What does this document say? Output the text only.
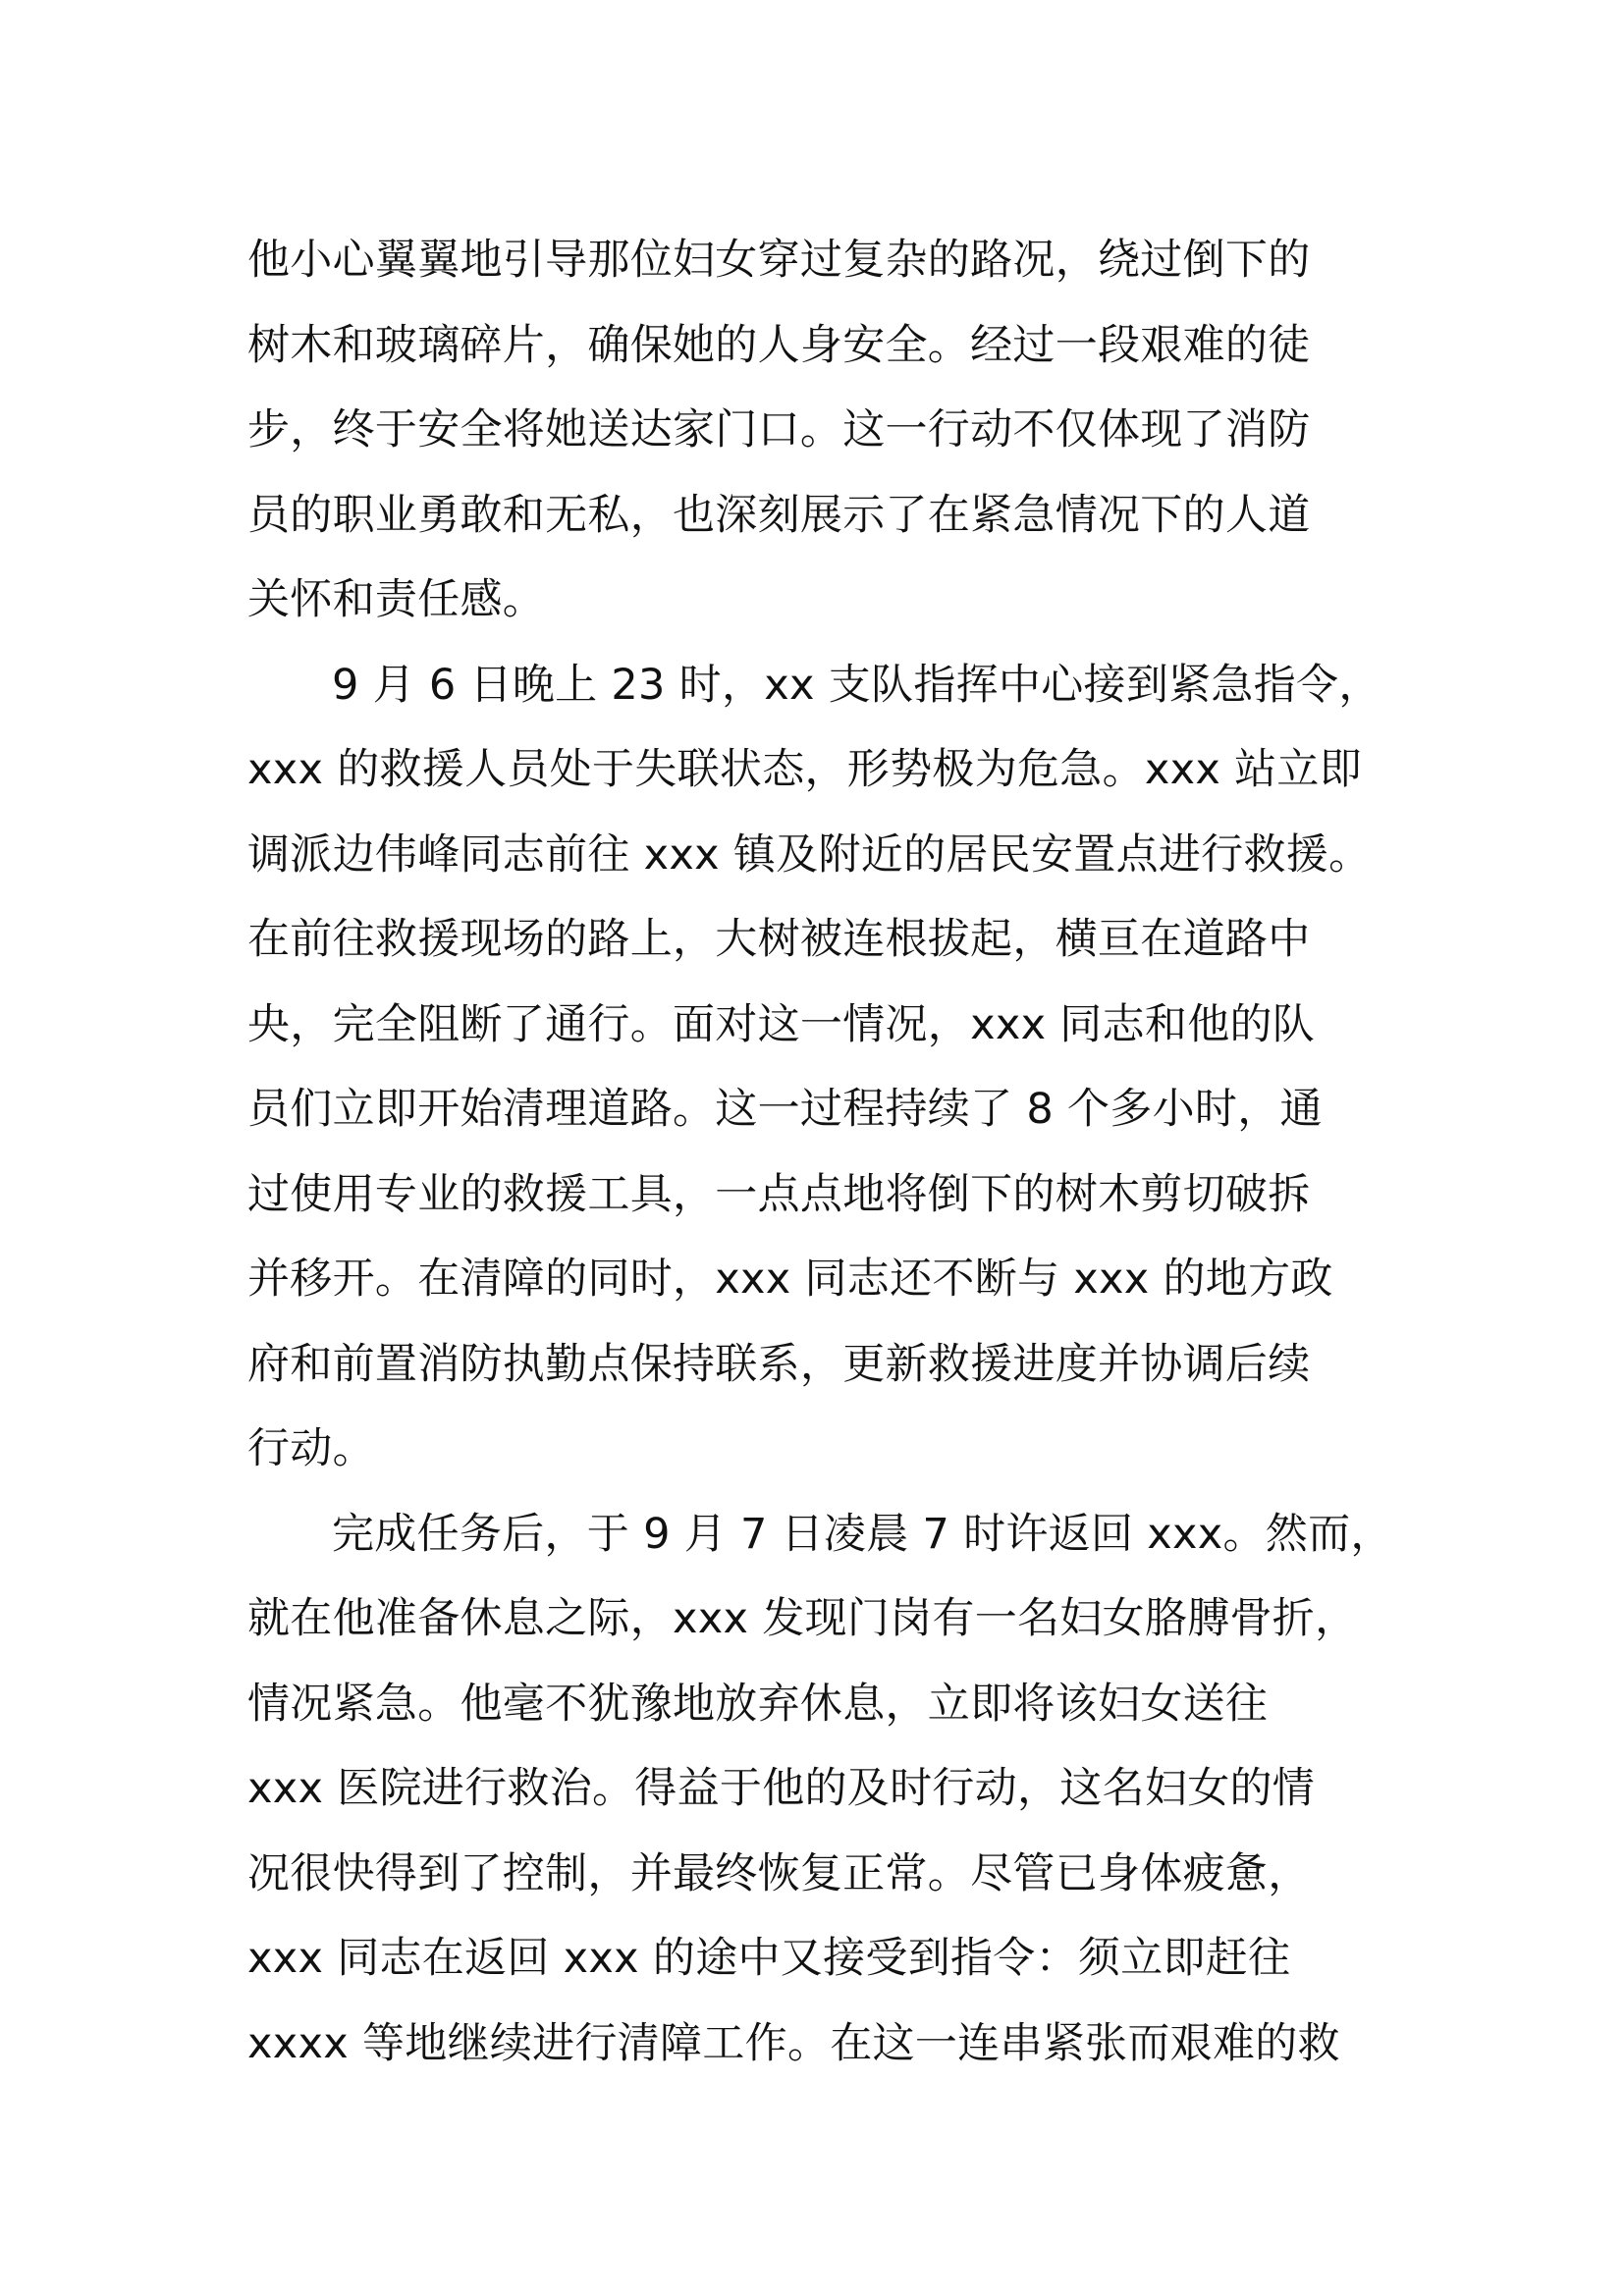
他小心翼翼地引导那位妇女穿过复杂的路况，绕过倒下的
树木和玻璃碎片，确保她的人身安全。经过一段艰难的徒
步，终于安全将她送达家门口。这一行动不仅体现了消防
员的职业勇敢和无私，也深刻展示了在紧急情况下的人道
关怀和责任感。
9 月 6 日晚上 23 时，xx 支队指挥中心接到紧急指令，
xxx 的救援人员处于失联状态，形势极为危急。xxx 站立即
调派边伟峰同志前往 xxx 镇及附近的居民安置点进行救援。
在前往救援现场的路上，大树被连根拔起，横亘在道路中
央，完全阻断了通行。面对这一情况，xxx 同志和他的队
员们立即开始清理道路。这一过程持续了 8 个多小时，通
过使用专业的救援工具，一点点地将倒下的树木剪切破拆
并移开。在清障的同时，xxx 同志还不断与 xxx 的地方政
府和前置消防执勤点保持联系，更新救援进度并协调后续
行动。
完成任务后，于 9 月 7 日凌晨 7 时许返回 xxx。然而，
就在他准备休息之际，xxx 发现门岗有一名妇女胳膊骨折，
情况紧急。他毫不犹豫地放弃休息，立即将该妇女送往
xxx 医院进行救治。得益于他的及时行动，这名妇女的情
况很快得到了控制，并最终恢复正常。尽管已身体疲惫，
xxx 同志在返回 xxx 的途中又接受到指令：须立即赶往
xxxx 等地继续进行清障工作。在这一连串紧张而艰难的救
